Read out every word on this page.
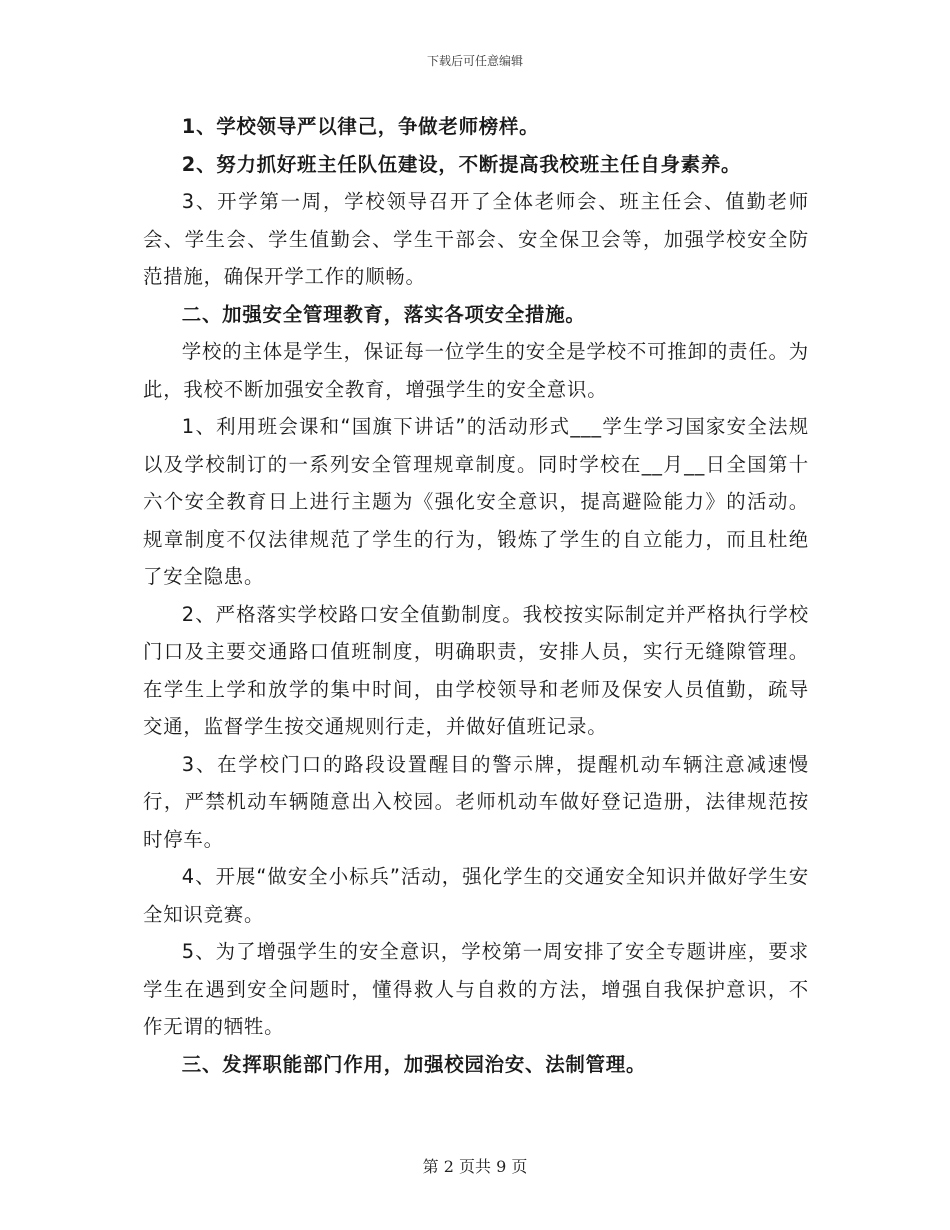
下载后可任意编辑

1、学校领导严以律己，争做老师榜样。

2、努力抓好班主任队伍建设，不断提高我校班主任自身素养。

3、开学第一周，学校领导召开了全体老师会、班主任会、值勤老师会、学生会、学生值勤会、学生干部会、安全保卫会等，加强学校安全防范措施，确保开学工作的顺畅。

二、加强安全管理教育，落实各项安全措施。

学校的主体是学生，保证每一位学生的安全是学校不可推卸的责任。为此，我校不断加强安全教育，增强学生的安全意识。

1、利用班会课和“国旗下讲话”的活动形式___学生学习国家安全法规以及学校制订的一系列安全管理规章制度。同时学校在__月__日全国第十六个安全教育日上进行主题为《强化安全意识，提高避险能力》的活动。规章制度不仅法律规范了学生的行为，锻炼了学生的自立能力，而且杜绝了安全隐患。

2、严格落实学校路口安全值勤制度。我校按实际制定并严格执行学校门口及主要交通路口值班制度，明确职责，安排人员，实行无缝隙管理。在学生上学和放学的集中时间，由学校领导和老师及保安人员值勤，疏导交通，监督学生按交通规则行走，并做好值班记录。

3、在学校门口的路段设置醒目的警示牌，提醒机动车辆注意减速慢行，严禁机动车辆随意出入校园。老师机动车做好登记造册，法律规范按时停车。

4、开展“做安全小标兵”活动，强化学生的交通安全知识并做好学生安全知识竞赛。

5、为了增强学生的安全意识，学校第一周安排了安全专题讲座，要求学生在遇到安全问题时，懂得救人与自救的方法，增强自我保护意识，不作无谓的牺牲。

三、发挥职能部门作用，加强校园治安、法制管理。

第 2 页共 9 页
